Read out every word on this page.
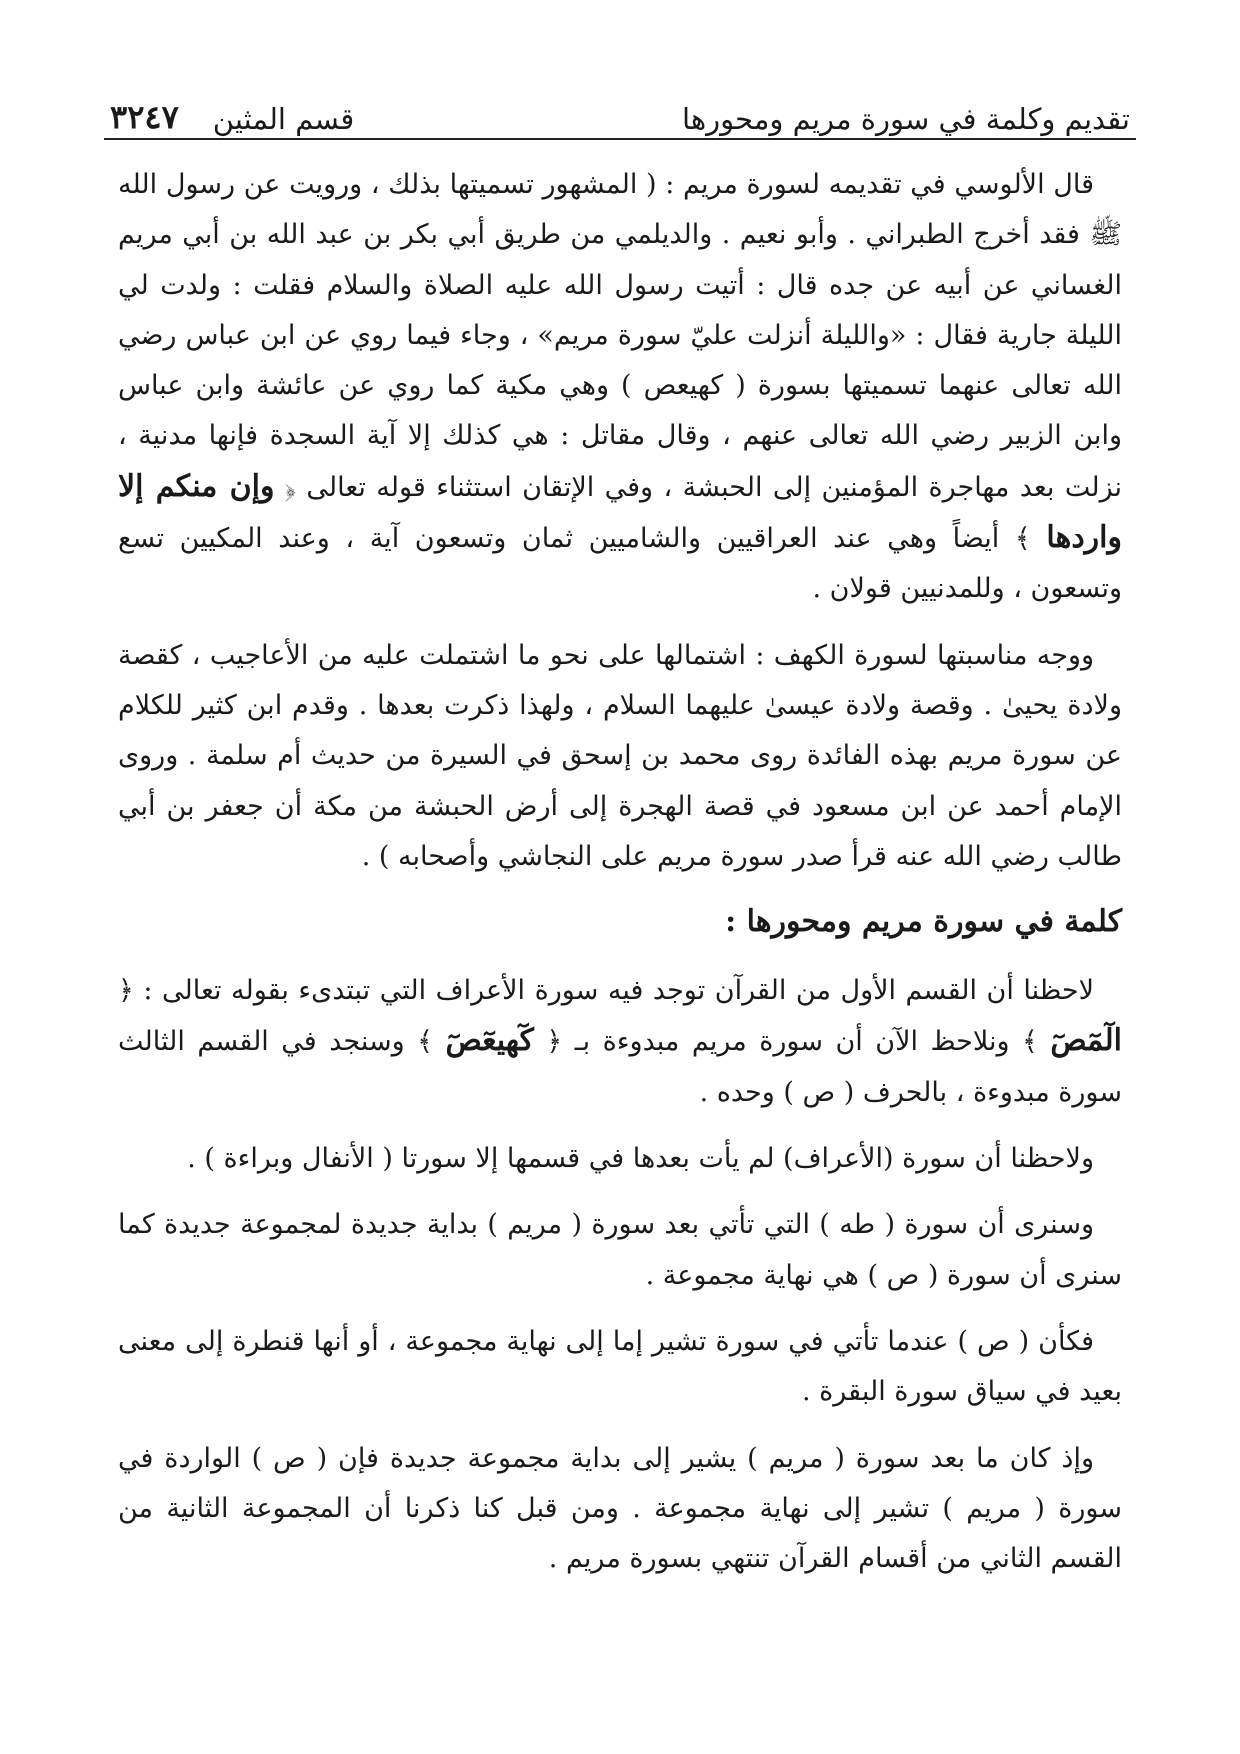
تقديم وكلمة في سورة مريم ومحورها
قسم المثين
٣٢٤٧

قال الألوسي في تقديمه لسورة مريم : ( المشهور تسميتها بذلك ، ورويت عن رسول الله ﷺ فقد أخرج الطبراني . وأبو نعيم . والديلمي من طريق أبي بكر بن عبد الله بن أبي مريم الغساني عن أبيه عن جده قال : أتيت رسول الله عليه الصلاة والسلام فقلت : ولدت لي الليلة جارية فقال : «والليلة أنزلت عليّ سورة مريم» ، وجاء فيما روي عن ابن عباس رضي الله تعالى عنهما تسميتها بسورة ( كهيعص ) وهي مكية كما روي عن عائشة وابن عباس وابن الزبير رضي الله تعالى عنهم ، وقال مقاتل : هي كذلك إلا آية السجدة فإنها مدنية ، نزلت بعد مهاجرة المؤمنين إلى الحبشة ، وفي الإتقان استثناء قوله تعالى ﴿ وإن منكم إلا واردها ﴾ أيضاً وهي عند العراقيين والشاميين ثمان وتسعون آية ، وعند المكيين تسع وتسعون ، وللمدنيين قولان .

ووجه مناسبتها لسورة الكهف : اشتمالها على نحو ما اشتملت عليه من الأعاجيب ، كقصة ولادة يحيىٰ . وقصة ولادة عيسىٰ عليهما السلام ، ولهذا ذكرت بعدها . وقدم ابن كثير للكلام عن سورة مريم بهذه الفائدة روى محمد بن إسحق في السيرة من حديث أم سلمة . وروى الإمام أحمد عن ابن مسعود في قصة الهجرة إلى أرض الحبشة من مكة أن جعفر بن أبي طالب رضي الله عنه قرأ صدر سورة مريم على النجاشي وأصحابه ) .

كلمة في سورة مريم ومحورها :

لاحظنا أن القسم الأول من القرآن توجد فيه سورة الأعراف التي تبتدىء بقوله تعالى : ﴿ الٓمٓصٓ ﴾ ونلاحظ الآن أن سورة مريم مبدوءة بـ ﴿ كٓهيعٓصٓ ﴾ وسنجد في القسم الثالث سورة مبدوءة ، بالحرف ( ص ) وحده .

ولاحظنا أن سورة (الأعراف) لم يأت بعدها في قسمها إلا سورتا ( الأنفال وبراءة ) .

وسنرى أن سورة ( طه ) التي تأتي بعد سورة ( مريم ) بداية جديدة لمجموعة جديدة كما سنرى أن سورة ( ص ) هي نهاية مجموعة .

فكأن ( ص ) عندما تأتي في سورة تشير إما إلى نهاية مجموعة ، أو أنها قنطرة إلى معنى بعيد في سياق سورة البقرة .

وإذ كان ما بعد سورة ( مريم ) يشير إلى بداية مجموعة جديدة فإن ( ص ) الواردة في سورة ( مريم ) تشير إلى نهاية مجموعة . ومن قبل كنا ذكرنا أن المجموعة الثانية من القسم الثاني من أقسام القرآن تنتهي بسورة مريم .
